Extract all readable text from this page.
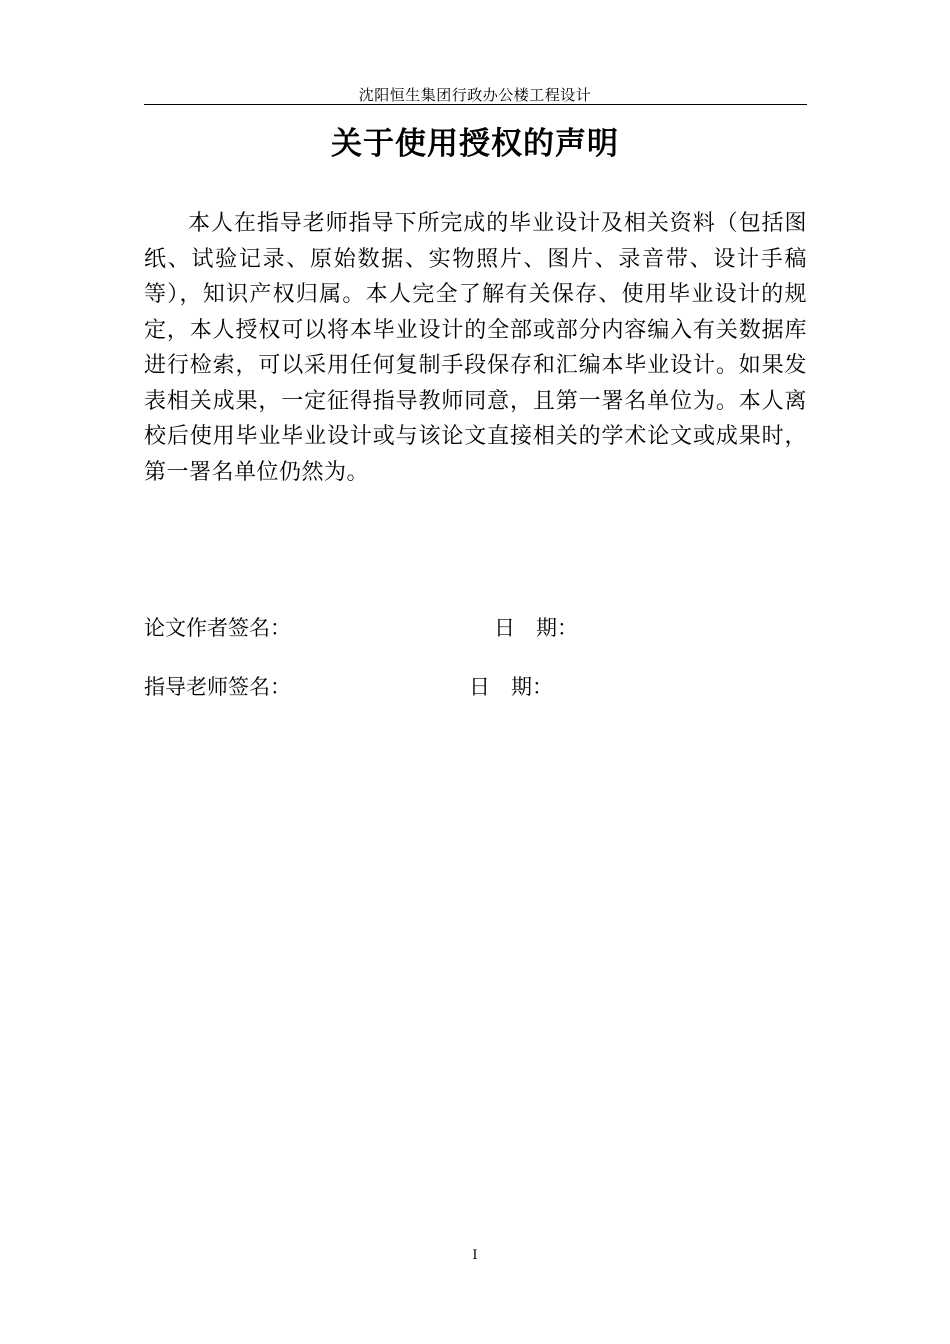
沈阳恒生集团行政办公楼工程设计
关于使用授权的声明

本人在指导老师指导下所完成的毕业设计及相关资料（包括图纸、试验记录、原始数据、实物照片、图片、录音带、设计手稿等），知识产权归属。本人完全了解有关保存、使用毕业设计的规定，本人授权可以将本毕业设计的全部或部分内容编入有关数据库进行检索，可以采用任何复制手段保存和汇编本毕业设计。如果发表相关成果，一定征得指导教师同意，且第一署名单位为。本人离校后使用毕业毕业设计或与该论文直接相关的学术论文或成果时，第一署名单位仍然为。

论文作者签名：	日　期：
指导老师签名：	日　期：
I
